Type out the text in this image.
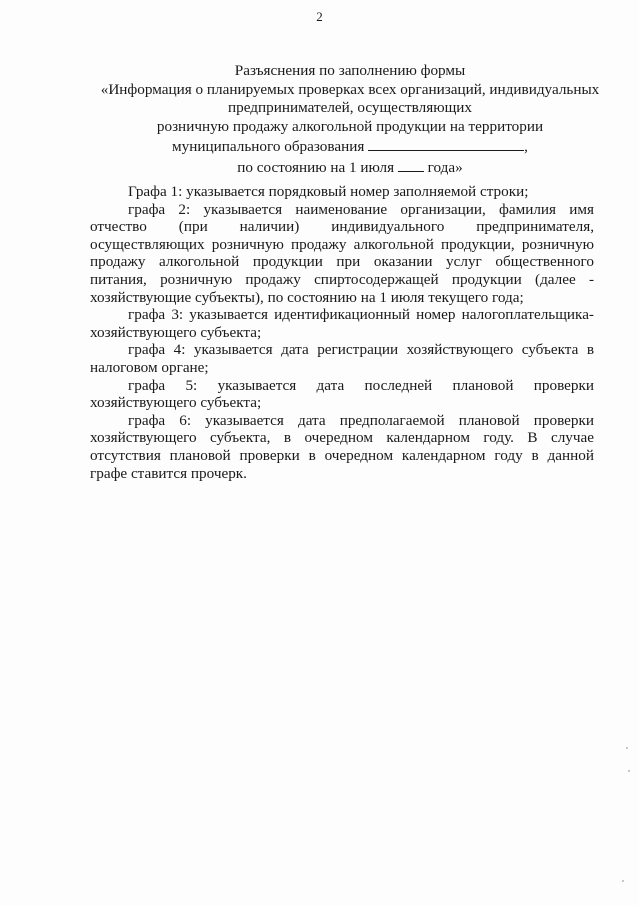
2
Разъяснения по заполнению формы
«Информация о планируемых проверках всех организаций, индивидуальных
предпринимателей, осуществляющих
розничную продажу алкогольной продукции на территории
муниципального образования	,
по состоянию на 1 июля года»

Графа 1: указывается порядковый номер заполняемой строки;

графа 2: указывается наименование организации, фамилия имя отчество (при наличии) индивидуального предпринимателя, осуществляющих розничную продажу алкогольной продукции, розничную продажу алкогольной продукции при оказании услуг общественного питания, розничную продажу спиртосодержащей продукции (далее - хозяйствующие субъекты), по состоянию на 1 июля текущего года;

графа 3: указывается идентификационный номер налогоплательщика-хозяйствующего субъекта;

графа 4: указывается дата регистрации хозяйствующего субъекта в налоговом органе;

графа 5: указывается дата последней плановой проверки хозяйствующего субъекта;

графа 6: указывается дата предполагаемой плановой проверки хозяйствующего субъекта, в очередном календарном году. В случае отсутствия плановой проверки в очередном календарном году в данной графе ставится прочерк.
